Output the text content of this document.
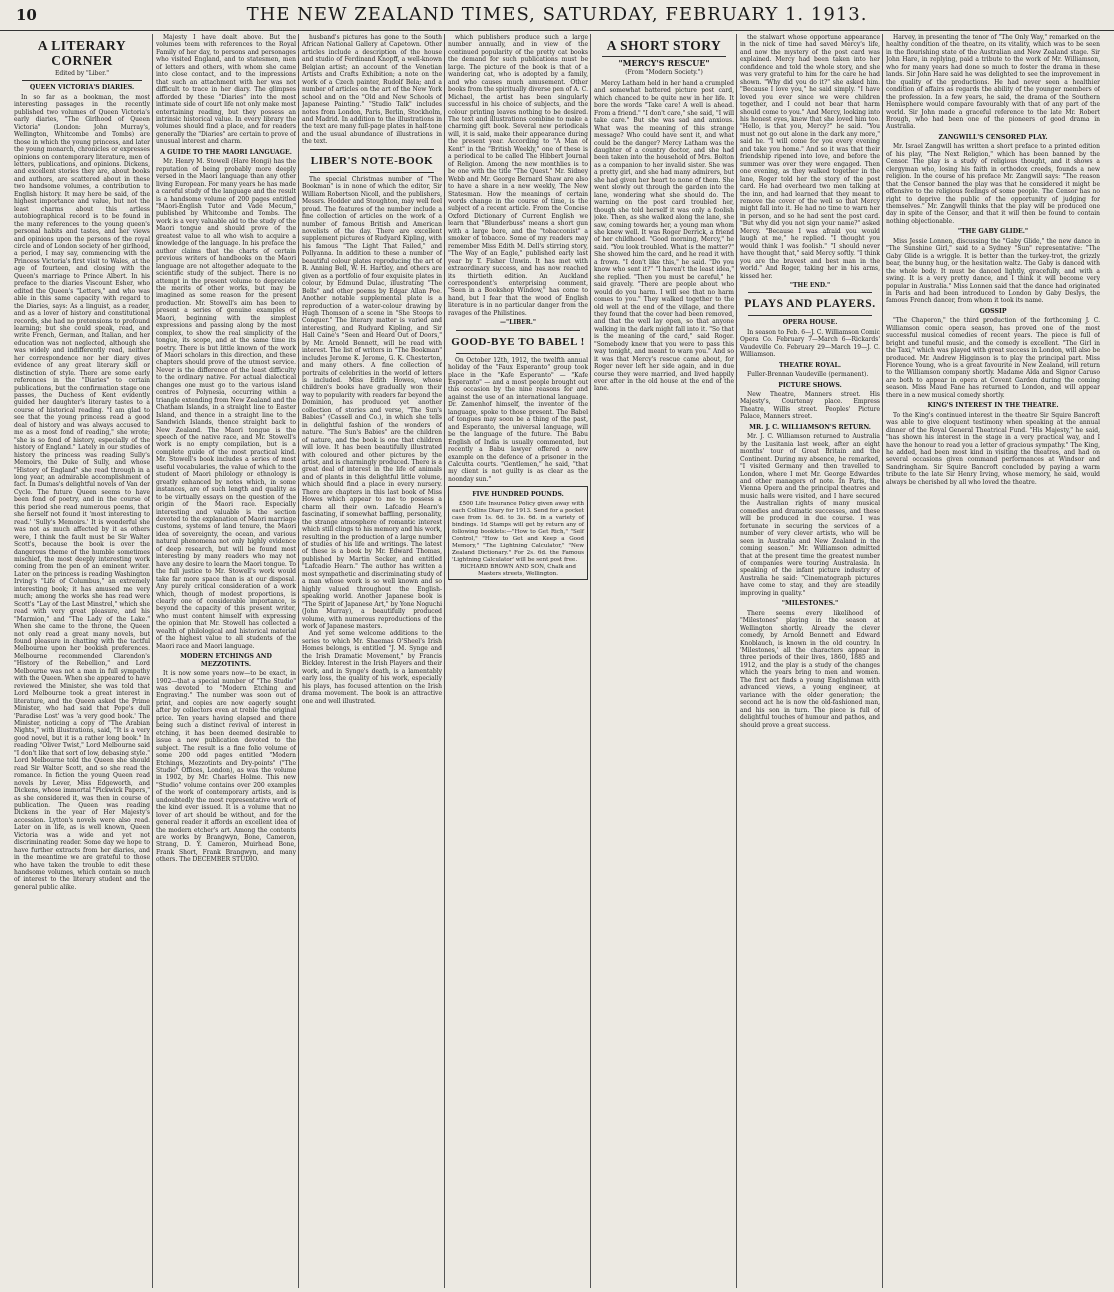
10	THE NEW ZEALAND TIMES, SATURDAY, FEBRUARY 1. 1913.
A LITERARY CORNER
Edited by "Liber."
QUEEN VICTORIA'S DIARIES.

In so far as a bookman, the most interesting passages in the recently published two volumes of Queen Victoria's early diaries, "The Girlhood of Queen Victoria" (London: John Murray's, Wellington, Whitcombe and Tombs) are those in which the young princess, and later the young monarch, chronicles or expresses opinions on contemporary literature, men of letters, publications, and opinions. Dickens, and excellent stories they are, about books and authors, are scattered about in these two handsome volumes, a contribution to English history. It may here be said, of the highest importance and value, but not the least charms about this artless autobiographical record is to be found in the many references to the young queen's personal habits and tastes, and her views and opinions upon the persons of the royal circle and of London society of her girlhood, a period, I may say, commencing with the Princess Victoria's first visit to Wales, at the age of fourteen, and closing with the Queen's marriage to Prince Albert. In his preface to the diaries Viscount Esher, who edited the Queen's "Letters," and who was able in this same capacity with regard to the Diaries, says: As a linguist, as a reader, and as a lover of history and constitutional records, she had no pretensions to profound learning; but she could speak, read, and write French, German, and Italian, and her education was not neglected, although she was widely and indifferently read, neither her correspondence nor her diary gives evidence of any great literary skill or distinction of style. There are some early references in the "Diaries" to certain publications, but the confirmation stage one passes, the Duchess of Kent evidently guided her daughter's literary tastes to a course of historical reading. "I am glad to see that the young princess read a good deal of history and was always accused to me as a most fond of reading," she wrote; "she is so fond of history, especially of the history of England." Lately in our studies of history the princess was reading Sully's Memoirs, the Duke of Sully, and whose "History of England" she read through in a long year, an admirable accomplishment of fact. In Dumas's delightful novels of Van der Cycle. The future Queen seems to have been fond of poetry, and in the course of this period she read numerous poems, that she herself not found it 'most interesting to read.' 'Sully's Memoirs.' It is wonderful she was not as much affected by it as others were, I think the fault must be Sir Walter Scott's, because the book is over the dangerous theme of the humble sometimes mischief, the most deeply interesting work coming from the pen of an eminent writer. Later on the princess is reading Washington Irving's "Life of Columbus," an extremely interesting book; it has amused me very much; among the works she has read were Scott's "Lay of the Last Minstrel," which she read with very great pleasure, and his "Marmion," and "The Lady of the Lake." When she came to the throne, the Queen not only read a great many novels, but found pleasure in chatting with the tactful Melbourne upon her bookish preferences. Melbourne recommended Clarendon's "History of the Rebellion," and Lord Melbourne was not a man in full sympathy with the Queen. When she appeared to have reviewed the Minister, she was told that Lord Melbourne took a great interest in literature, and the Queen asked the Prime Minister, who had said that Pope's dull 'Paradise Lost' was 'a very good book.' The Minister, noticing a copy of "The Arabian Nights," with illustrations, said, "It is a very good novel, but it is a rather long book." In reading "Oliver Twist," Lord Melbourne said "I don't like that sort of low, debasing style." Lord Melbourne told the Queen she should read Sir Walter Scott, and so she read the romance. In fiction the young Queen read novels by Lever, Miss Edgeworth, and Dickens, whose immortal "Pickwick Papers," as she considered it, was then in course of publication. The Queen was reading Dickens in the year of Her Majesty's accession. Lytton's novels were also read. Later on in life, as is well known, Queen Victoria was a wide and yet not discriminating reader. Some day we hope to have further extracts from her diaries, and in the meantime we are grateful to those who have taken the trouble to edit these handsome volumes, which contain so much of interest to the literary student and the general public alike.

Majesty I have dealt above. But the volumes teem with references to the Royal Family of her day, to persons and personages who visited England, and to statesmen, men of letters and others, with whom she came into close contact, and to the impressions that such an attachment with her was not difficult to trace in her diary. The glimpses afforded by these "Diaries" into the most intimate side of court life not only make most entertaining reading, but they possess an intrinsic historical value. In every library the volumes should find a place, and for readers generally the "Diaries" are certain to prove of unusual interest and charm.

A GUIDE TO THE MAORI LANGUAGE.

Mr. Henry M. Stowell (Hare Hongi) has the reputation of being probably more deeply versed in the Maori language than any other living European. For many years he has made a careful study of the language and the result is a handsome volume of 200 pages entitled "Maori-English Tutor and Vade Mecum," published by Whitcombe and Tombs. The work is a very valuable aid to the study of the Maori tongue and should prove of the greatest value to all who wish to acquire a knowledge of the language. In his preface the author claims that the charts of certain previous writers of handbooks on the Maori language are not altogether adequate to the scientific study of the subject. There is no attempt in the present volume to depreciate the merits of other works, but may be imagined as some reason for the present production. Mr. Stowell's aim has been to present a series of genuine examples of Maori, beginning with the simplest expressions and passing along by the most complex, to show the real simplicity of the tongue, its scope, and at the same time its poetry. There is but little known of the work of Maori scholars in this direction, and these chapters should prove of the utmost service. Never is the difference of the least difficulty to the ordinary native. For actual dialectical changes one must go to the various island centres of Polynesia, occurring within a triangle extending from New Zealand and the Chatham Islands, in a straight line to Easter Island, and thence in a straight line to the Sandwich Islands, thence straight back to New Zealand. The Maori tongue is the speech of the native race, and Mr. Stowell's work is no empty compilation, but is a complete guide of the most practical kind. Mr. Stowell's book includes a series of most useful vocabularies, the value of which to the student of Maori philology or ethnology is greatly enhanced by notes which, in some instances, are of such length and quality as to be virtually essays on the question of the origin of the Maori race. Especially interesting and valuable is the section devoted to the explanation of Maori marriage customs, systems of land tenure, the Maori idea of sovereignty, the ocean, and various natural phenomena not only highly evidence of deep research, but will be found most interesting by many readers who may not have any desire to learn the Maori tongue. To the full justice to Mr. Stowell's work would take far more space than is at our disposal. Any purely critical consideration of a work which, though of modest proportions, is clearly one of considerable importance, is beyond the capacity of this present writer, who must content himself with expressing the opinion that Mr. Stowell has collected a wealth of philological and historical material of the highest value to all students of the Maori race and Maori language.

MODERN ETCHINGS AND MEZZOTINTS.

It is now some years now—to be exact, in 1902—that a special number of "The Studio" was devoted to "Modern Etching and Engraving." The number was soon out of print, and copies are now eagerly sought after by collectors even at treble the original price. Ten years having elapsed and there being such a distinct revival of interest in etching, it has been deemed desirable to issue a new publication devoted to the subject. The result is a fine folio volume of some 200 odd pages entitled "Modern Etchings, Mezzotints and Dry-points" ("The Studio" Offices, London), as was the volume in 1902, by Mr. Charles Holme. This new "Studio" volume contains over 200 examples of the work of contemporary artists, and is undoubtedly the most representative work of the kind ever issued. It is a volume that no lover of art should be without, and for the general reader it affords an excellent idea of the modern etcher's art. Among the contents are works by Brangwyn, Bone, Cameron, Strang, D. Y. Cameron, Muirhead Bone, Frank Short, Frank Brangwyn, and many others. The DECEMBER STUDIO.

husband's pictures has gone to the South African National Gallery at Capetown. Other articles include a description of the house and studio of Ferdinand Knopff, a well-known Belgian artist; an account of the Venetian Artists and Crafts Exhibition; a note on the work of a Czech painter, Rudolf Bela; and a number of articles on the art of the New York school and on the "Old and New Schools of Japanese Painting." "Studio Talk" includes notes from London, Paris, Berlin, Stockholm, and Madrid. In addition to the illustrations in the text are many full-page plates in half-tone and the usual abundance of illustrations in the text.

LIBER'S NOTE-BOOK

The special Christmas number of "The Bookman" is in none of which the editor, Sir William Robertson Nicoll, and the publishers, Messrs. Hodder and Stoughton, may well feel proud. The features of the number include a fine collection of articles on the work of a number of famous British and American novelists of the day. There are excellent supplement pictures of Rudyard Kipling, with his famous "The Light That Failed," and Pollyanna. In addition to these a number of beautiful colour plates reproducing the art of R. Anning Bell, W. H. Hartley, and others are given as a portfolio of four exquisite plates in colour, by Edmund Dulac, illustrating "The Bells" and other poems by Edgar Allan Poe. Another notable supplemental plate is a reproduction of a water-colour drawing by Hugh Thomson of a scene in "She Stoops to Conquer." The literary matter is varied and interesting, and Rudyard Kipling, and Sir Hall Caine's "Seen and Heard Out of Doors," by Mr. Arnold Bennett, will be read with interest. The list of writers in "The Bookman" includes Jerome K. Jerome, G. K. Chesterton, and many others. A fine collection of portraits of celebrities in the world of letters is included. Miss Edith Howes, whose children's books have gradually won their way to popularity with readers far beyond the Dominion, has produced yet another collection of stories and verse, "The Sun's Babies" (Cassell and Co.), in which she tells in delightful fashion of the wonders of nature. "The Sun's Babies" are the children of nature, and the book is one that children will love. It has been beautifully illustrated with coloured and other pictures by the artist, and is charmingly produced. There is a great deal of interest in the life of animals and of plants in this delightful little volume, which should find a place in every nursery. There are chapters in this last book of Miss Howes which appear to me to possess a charm all their own. Lafcadio Hearn's fascinating, if somewhat baffling, personality, the strange atmosphere of romantic interest which still clings to his memory and his work, resulting in the production of a large number of studies of his life and writings. The latest of these is a book by Mr. Edward Thomas, published by Martin Secker, and entitled "Lafcadio Hearn." The author has written a most sympathetic and discriminating study of a man whose work is so well known and so highly valued throughout the English-speaking world. Another Japanese book is "The Spirit of Japanese Art," by Yone Noguchi (John Murray), a beautifully produced volume, with numerous reproductions of the work of Japanese masters.

And yet some welcome additions to the series to which Mr. Shaemas O'Sheel's Irish Homes belongs, is entitled "J. M. Synge and the Irish Dramatic Movement," by Francis Bickley. Interest in the Irish Players and their work, and in Synge's death, is a lamentably early loss, the quality of his work, especially his plays, has focused attention on the Irish drama movement. The book is an attractive one and well illustrated.

which publishers produce such a large number annually, and in view of the continued popularity of the pretty cat books the demand for such publications must be large. The picture of the book is that of a wandering cat, who is adopted by a family, and who causes much amusement. Other books from the spiritually diverse pen of A. C. Michael, the artist has been singularly successful in his choice of subjects, and the colour printing leaves nothing to be desired. The text and illustrations combine to make a charming gift book. Several new periodicals will, it is said, make their appearance during the present year. According to "A Man of Kent" in the "British Weekly," one of these is a periodical to be called The Hibbert Journal of Religion. Among the new monthlies is to be one with the title "The Quest." Mr. Sidney Webb and Mr. George Bernard Shaw are also to have a share in a new weekly, The New Statesman. How the meanings of certain words change in the course of time, is the subject of a recent article. From the Concise Oxford Dictionary of Current English we learn that "Blunderbuss" means a short gun with a large bore, and the "tobacconist" a smoker of tobacco. Some of my readers may remember Miss Edith M. Dell's stirring story, "The Way of an Eagle," published early last year by T. Fisher Unwin. It has met with extraordinary success, and has now reached its thirtieth edition. An Auckland correspondent's enterprising comment, "Seen in a Bookshop Window," has come to hand, but I fear that the wood of English literature is in no particular danger from the ravages of the Philistines.

—"LIBER."
GOOD-BYE TO BABEL !

On October 12th, 1912, the twelfth annual holiday of the "Faux Esperanto" group took place in the "Kafe Esperanto" — "Kafe Esperanto" — and a most people brought out this occasion by the nine reasons for and against the use of an international language. Dr. Zamenhof himself, the inventor of the language, spoke to those present. The Babel of tongues may soon be a thing of the past, and Esperanto, the universal language, will be the language of the future. The Babu English of India is usually commented, but recently a Babu lawyer offered a new example on the defence of a prisoner in the Calcutta courts. "Gentlemen," he said, "that my client is not guilty is as clear as the noonday sun."

FIVE HUNDRED POUNDS.

£500 Life Insurance Policy given away with each Collins Diary for 1913. Send for a pocket case from 1s. 6d. to 3s. 6d. in a variety of bindings. 1d Stamps will get by return any of following booklets:—"How to Get Rich," "Self Control," "How to Get and Keep a Good Memory," "The Lightning Calculator," "New Zealand Dictionary." For 2s. 6d. the Famous 'Lightning Calculator' will be sent post free.

RICHARD BROWN AND SON, Chalk and Masters streets, Wellington.
A SHORT STORY
"MERCY'S RESCUE"
(From "Modern Society.")

Mercy Latham held in her hand a crumpled and somewhat battered picture post card, which chanced to be quite new in her life. It bore the words "Take care! A well is ahead. From a friend." "I don't care," she said, "I will take care." But she was sad and anxious. What was the meaning of this strange message? Who could have sent it, and what could be the danger? Mercy Latham was the daughter of a country doctor, and she had been taken into the household of Mrs. Bolton as a companion to her invalid sister. She was a pretty girl, and she had many admirers, but she had given her heart to none of them. She went slowly out through the garden into the lane, wondering what she should do. The warning on the post card troubled her, though she told herself it was only a foolish joke. Then, as she walked along the lane, she saw, coming towards her, a young man whom she knew well. It was Roger Derrick, a friend of her childhood. "Good morning, Mercy," he said. "You look troubled. What is the matter?" She showed him the card, and he read it with a frown. "I don't like this," he said. "Do you know who sent it?" "I haven't the least idea," she replied. "Then you must be careful," he said gravely. "There are people about who would do you harm. I will see that no harm comes to you." They walked together to the old well at the end of the village, and there they found that the cover had been removed, and that the well lay open, so that anyone walking in the dark might fall into it. "So that is the meaning of the card," said Roger. "Somebody knew that you were to pass this way tonight, and meant to warn you." And so it was that Mercy's rescue came about, for Roger never left her side again, and in due course they were married, and lived happily ever after in the old house at the end of the lane.

the stalwart whose opportune appearance in the nick of time had saved Mercy's life, and now the mystery of the post card was explained. Mercy had been taken into her confidence and told the whole story, and she was very grateful to him for the care he had shown. "Why did you do it?" she asked him. "Because I love you," he said simply. "I have loved you ever since we were children together, and I could not bear that harm should come to you." And Mercy, looking into his honest eyes, knew that she loved him too. "Hello, is that you, Mercy?" he said. "You must not go out alone in the dark any more," said he. "I will come for you every evening and take you home." And so it was that their friendship ripened into love, and before the summer was over they were engaged. Then one evening, as they walked together in the lane, Roger told her the story of the post card. He had overheard two men talking at the inn, and had learned that they meant to remove the cover of the well so that Mercy might fall into it. He had no time to warn her in person, and so he had sent the post card. "But why did you not sign your name?" asked Mercy. "Because I was afraid you would laugh at me," he replied. "I thought you would think I was foolish." "I should never have thought that," said Mercy softly. "I think you are the bravest and best man in the world." And Roger, taking her in his arms, kissed her.

"THE END."
PLAYS AND PLAYERS.
OPERA HOUSE.

In season to Feb. 6—J. C. Williamson Comic Opera Co. February 7—March 6—Rickards' Vaudeville Co. February 29—March 19—J. C. Williamson.

THEATRE ROYAL.

Fuller-Brennan Vaudeville (permanent).

PICTURE SHOWS.

New Theatre, Manners street. His Majesty's, Courtenay place. Empress Theatre, Willis street. Peoples' Picture Palace, Manners street.

MR. J. C. WILLIAMSON'S RETURN.

Mr. J. C. Williamson returned to Australia by the Lusitania last week, after an eight months' tour of Great Britain and the Continent. During my absence, he remarked, "I visited Germany and then travelled to London, where I met Mr. George Edwardes and other managers of note. In Paris, the Vienna Opera and the principal theatres and music halls were visited, and I have secured the Australian rights of many musical comedies and dramatic successes, and these will be produced in due course. I was fortunate in securing the services of a number of very clever artists, who will be seen in Australia and New Zealand in the coming season." Mr. Williamson admitted that at the present time the greatest number of companies were touring Australasia. In speaking of the infant picture industry of Australia he said: "Cinematograph pictures have come to stay, and they are steadily improving in quality."

"MILESTONES."

There seems every likelihood of "Milestones" playing in the season at Wellington shortly. Already the clever comedy, by Arnold Bennett and Edward Knoblauch, is known in the old country. In 'Milestones,' all the characters appear in three periods of their lives, 1860, 1885 and 1912, and the play is a study of the changes which the years bring to men and women. The first act finds a young Englishman with advanced views, a young engineer, at variance with the older generation; the second act he is now the old-fashioned man, and his son in turn. The piece is full of delightful touches of humour and pathos, and should prove a great success.

Harvey, in presenting the tenor of "The Only Way," remarked on the healthy condition of the theatre, on its vitality, which was to be seen in the flourishing state of the Australian and New Zealand stage. Sir John Hare, in replying, paid a tribute to the work of Mr. Williamson, who for many years had done so much to foster the drama in these lands. Sir John Hare said he was delighted to see the improvement in the quality of the productions. He had never seen a healthier condition of affairs as regards the ability of the younger members of the profession. In a few years, he said, the drama of the Southern Hemisphere would compare favourably with that of any part of the world. Sir John made a graceful reference to the late Mr. Robert Brough, who had been one of the pioneers of good drama in Australia.

ZANGWILL'S CENSORED PLAY.

Mr. Israel Zangwill has written a short preface to a printed edition of his play, "The Next Religion," which has been banned by the Censor. The play is a study of religious thought, and it shows a clergyman who, losing his faith in orthodox creeds, founds a new religion. In the course of his preface Mr. Zangwill says: "The reason that the Censor banned the play was that he considered it might be offensive to the religious feelings of some people. The Censor has no right to deprive the public of the opportunity of judging for themselves." Mr. Zangwill thinks that the play will be produced one day in spite of the Censor, and that it will then be found to contain nothing objectionable.

"THE GABY GLIDE."

Miss Jessie Lonnen, discussing the "Gaby Glide," the new dance in "The Sunshine Girl," said to a Sydney "Sun" representative: "The Gaby Glide is a wriggle. It is better than the turkey-trot, the grizzly bear, the bunny hug, or the hesitation waltz. The Gaby is danced with the whole body. It must be danced lightly, gracefully, and with a swing. It is a very pretty dance, and I think it will become very popular in Australia." Miss Lonnen said that the dance had originated in Paris and had been introduced to London by Gaby Deslys, the famous French dancer, from whom it took its name.

GOSSIP

"The Chaperon," the third production of the forthcoming J. C. Williamson comic opera season, has proved one of the most successful musical comedies of recent years. The piece is full of bright and tuneful music, and the comedy is excellent. "The Girl in the Taxi," which was played with great success in London, will also be produced. Mr. Andrew Higginson is to play the principal part. Miss Florence Young, who is a great favourite in New Zealand, will return to the Williamson company shortly. Madame Alda and Signor Caruso are both to appear in opera at Covent Garden during the coming season. Miss Maud Fane has returned to London, and will appear there in a new musical comedy shortly.

KING'S INTEREST IN THE THEATRE.

To the King's continued interest in the theatre Sir Squire Bancroft was able to give eloquent testimony when speaking at the annual dinner of the Royal General Theatrical Fund. "His Majesty," he said, "has shown his interest in the stage in a very practical way, and I have the honour to read you a letter of gracious sympathy." The King, he added, had been most kind in visiting the theatres, and had on several occasions given command performances at Windsor and Sandringham. Sir Squire Bancroft concluded by paying a warm tribute to the late Sir Henry Irving, whose memory, he said, would always be cherished by all who loved the theatre.
